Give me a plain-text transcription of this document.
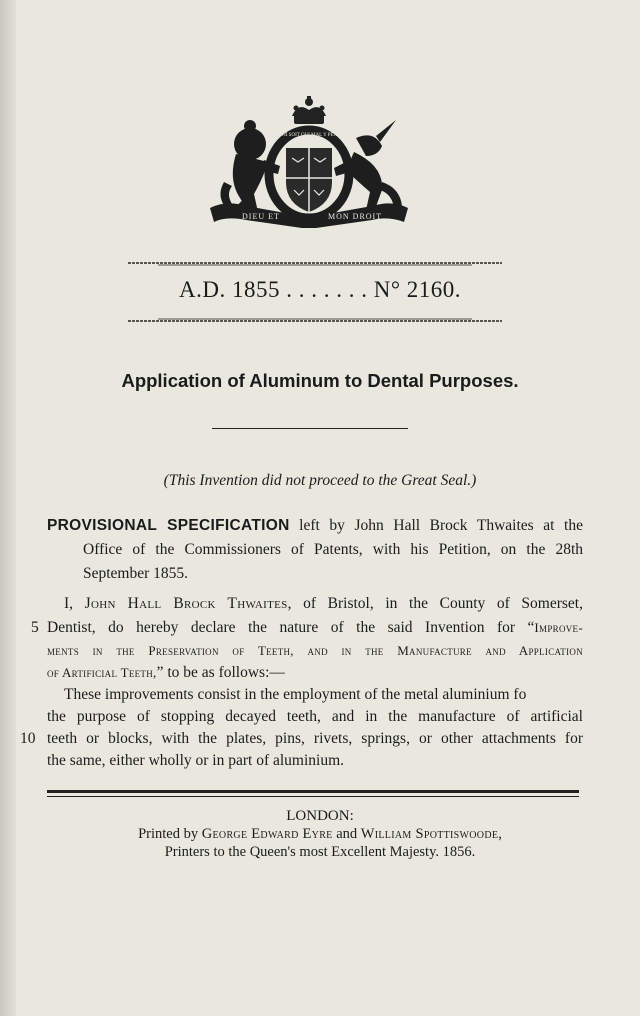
DIEU ET	MON DROIT
HONI SOIT QUI MAL Y PENSE
A.D. 1855 . . . . . . . N° 2160.
Application of Aluminum to Dental Purposes.
(This Invention did not proceed to the Great Seal.)
PROVISIONAL SPECIFICATION left by John Hall Brock Thwaites at the
Office of the Commissioners of Patents, with his Petition, on the 28th
September 1855.
I, John Hall Brock Thwaites, of Bristol, in the County of Somerset,
5 Dentist, do hereby declare the nature of the said Invention for “Improve-
ments in the Preservation of Teeth, and in the Manufacture and Application
of Artificial Teeth,” to be as follows:—
These improvements consist in the employment of the metal aluminium fo
the purpose of stopping decayed teeth, and in the manufacture of artificial
10 teeth or blocks, with the plates, pins, rivets, springs, or other attachments for
the same, either wholly or in part of aluminium.
LONDON:
Printed by George Edward Eyre and William Spottiswoode,
Printers to the Queen's most Excellent Majesty. 1856.
